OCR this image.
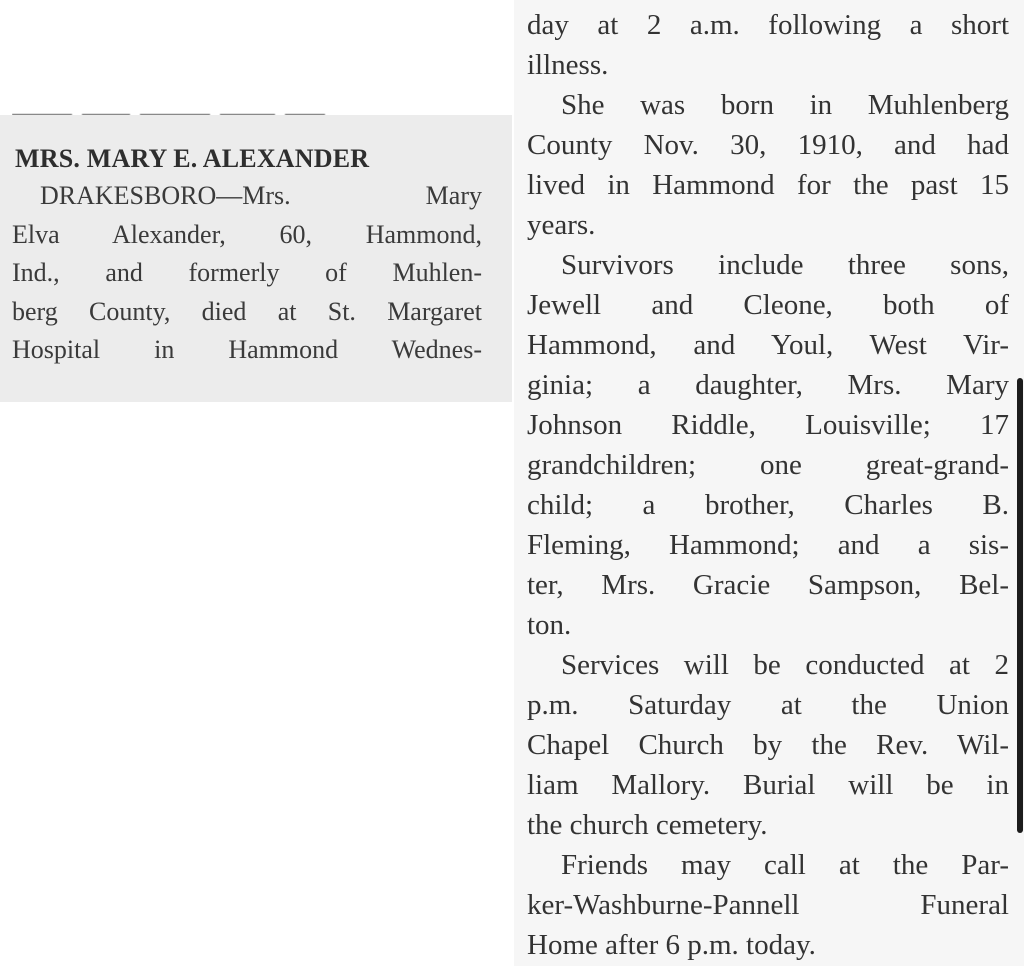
MRS. MARY E. ALEXANDER
DRAKESBORO—Mrs. Mary
Elva Alexander, 60, Hammond,
Ind., and formerly of Muhlen-
berg County, died at St. Margaret
Hospital in Hammond Wednes-
day at 2 a.m. following a short
illness.
She was born in Muhlenberg
County Nov. 30, 1910, and had
lived in Hammond for the past 15
years.
Survivors include three sons,
Jewell and Cleone, both of
Hammond, and Youl, West Vir-
ginia; a daughter, Mrs. Mary
Johnson Riddle, Louisville; 17
grandchildren; one great-grand-
child; a brother, Charles B.
Fleming, Hammond; and a sis-
ter, Mrs. Gracie Sampson, Bel-
ton.
Services will be conducted at 2
p.m. Saturday at the Union
Chapel Church by the Rev. Wil-
liam Mallory. Burial will be in
the church cemetery.
Friends may call at the Par-
ker-Washburne-Pannell Funeral
Home after 6 p.m. today.
